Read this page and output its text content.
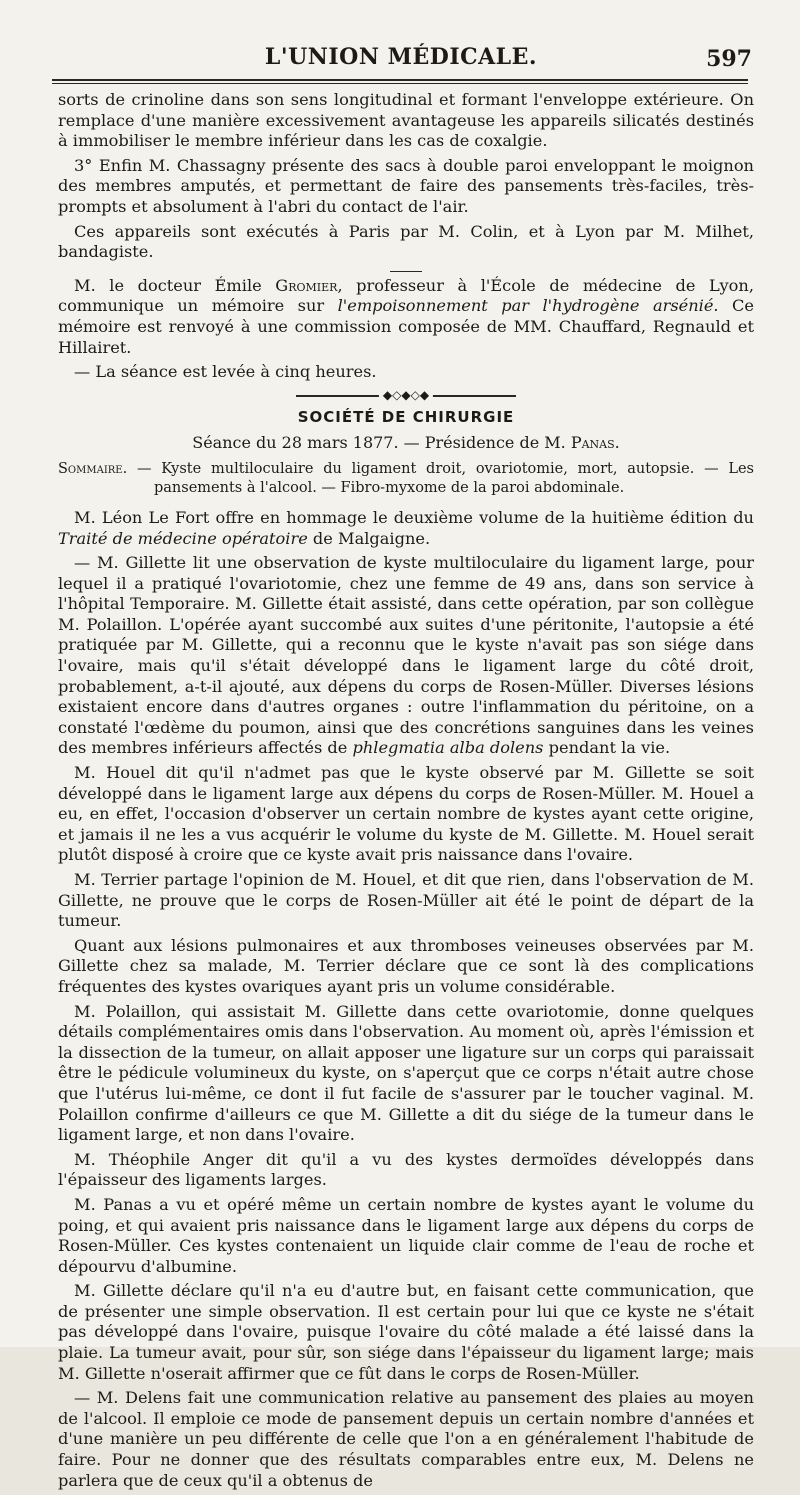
L'UNION MÉDICALE.	597

sorts de crinoline dans son sens longitudinal et formant l'enveloppe extérieure. On remplace d'une manière excessivement avantageuse les appareils silicatés destinés à immobiliser le membre inférieur dans les cas de coxalgie.

3° Enfin M. Chassagny présente des sacs à double paroi enveloppant le moignon des membres amputés, et permettant de faire des pansements très-faciles, très-prompts et absolument à l'abri du contact de l'air.

Ces appareils sont exécutés à Paris par M. Colin, et à Lyon par M. Milhet, bandagiste.

M. le docteur Émile Gromier, professeur à l'École de médecine de Lyon, communique un mémoire sur l'empoisonnement par l'hydrogène arsénié. Ce mémoire est renvoyé à une commission composée de MM. Chauffard, Regnauld et Hillairet.

— La séance est levée à cinq heures.

◆◇◆◇◆
SOCIÉTÉ DE CHIRURGIE
Séance du 28 mars 1877. — Présidence de M. Panas.

Sommaire. — Kyste multiloculaire du ligament droit, ovariotomie, mort, autopsie. — Les pansements à l'alcool. — Fibro-myxome de la paroi abdominale.

M. Léon Le Fort offre en hommage le deuxième volume de la huitième édition du Traité de médecine opératoire de Malgaigne.

— M. Gillette lit une observation de kyste multiloculaire du ligament large, pour lequel il a pratiqué l'ovariotomie, chez une femme de 49 ans, dans son service à l'hôpital Temporaire. M. Gillette était assisté, dans cette opération, par son collègue M. Polaillon. L'opérée ayant succombé aux suites d'une péritonite, l'autopsie a été pratiquée par M. Gillette, qui a reconnu que le kyste n'avait pas son siége dans l'ovaire, mais qu'il s'était développé dans le ligament large du côté droit, probablement, a-t-il ajouté, aux dépens du corps de Rosen-Müller. Diverses lésions existaient encore dans d'autres organes : outre l'inflammation du péritoine, on a constaté l'œdème du poumon, ainsi que des concrétions sanguines dans les veines des membres inférieurs affectés de phlegmatia alba dolens pendant la vie.

M. Houel dit qu'il n'admet pas que le kyste observé par M. Gillette se soit développé dans le ligament large aux dépens du corps de Rosen-Müller. M. Houel a eu, en effet, l'occasion d'observer un certain nombre de kystes ayant cette origine, et jamais il ne les a vus acquérir le volume du kyste de M. Gillette. M. Houel serait plutôt disposé à croire que ce kyste avait pris naissance dans l'ovaire.

M. Terrier partage l'opinion de M. Houel, et dit que rien, dans l'observation de M. Gillette, ne prouve que le corps de Rosen-Müller ait été le point de départ de la tumeur.

Quant aux lésions pulmonaires et aux thromboses veineuses observées par M. Gillette chez sa malade, M. Terrier déclare que ce sont là des complications fréquentes des kystes ovariques ayant pris un volume considérable.

M. Polaillon, qui assistait M. Gillette dans cette ovariotomie, donne quelques détails complémentaires omis dans l'observation. Au moment où, après l'émission et la dissection de la tumeur, on allait apposer une ligature sur un corps qui paraissait être le pédicule volumineux du kyste, on s'aperçut que ce corps n'était autre chose que l'utérus lui-même, ce dont il fut facile de s'assurer par le toucher vaginal. M. Polaillon confirme d'ailleurs ce que M. Gillette a dit du siége de la tumeur dans le ligament large, et non dans l'ovaire.

M. Théophile Anger dit qu'il a vu des kystes dermoïdes développés dans l'épaisseur des ligaments larges.

M. Panas a vu et opéré même un certain nombre de kystes ayant le volume du poing, et qui avaient pris naissance dans le ligament large aux dépens du corps de Rosen-Müller. Ces kystes contenaient un liquide clair comme de l'eau de roche et dépourvu d'albumine.

M. Gillette déclare qu'il n'a eu d'autre but, en faisant cette communication, que de présenter une simple observation. Il est certain pour lui que ce kyste ne s'était pas développé dans l'ovaire, puisque l'ovaire du côté malade a été laissé dans la plaie. La tumeur avait, pour sûr, son siége dans l'épaisseur du ligament large; mais M. Gillette n'oserait affirmer que ce fût dans le corps de Rosen-Müller.

— M. Delens fait une communication relative au pansement des plaies au moyen de l'alcool. Il emploie ce mode de pansement depuis un certain nombre d'années et d'une manière un peu différente de celle que l'on a en généralement l'habitude de faire. Pour ne donner que des résultats comparables entre eux, M. Delens ne parlera que de ceux qu'il a obtenus de
